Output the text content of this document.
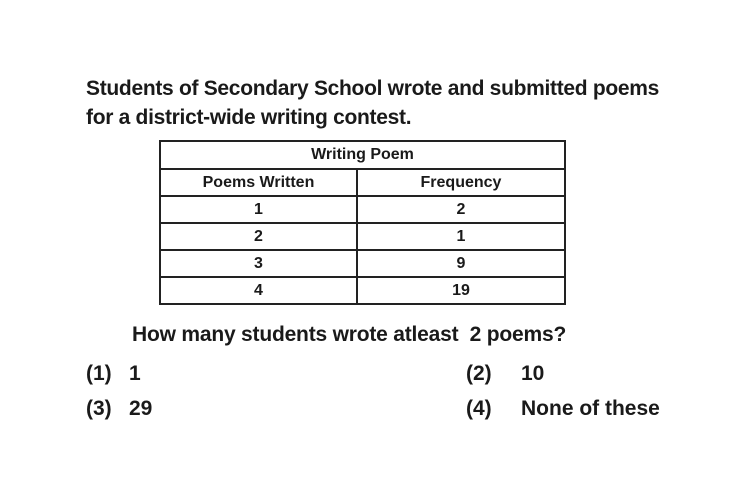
Students of Secondary School wrote and submitted poems
for a district-wide writing contest.
Writing Poem	
Poems Written	Frequency
1	2
2	1
3	9
4	19
How many students wrote atleast  2 poems?
(1) 1	(2) 10
(3) 29	(4) None of these
